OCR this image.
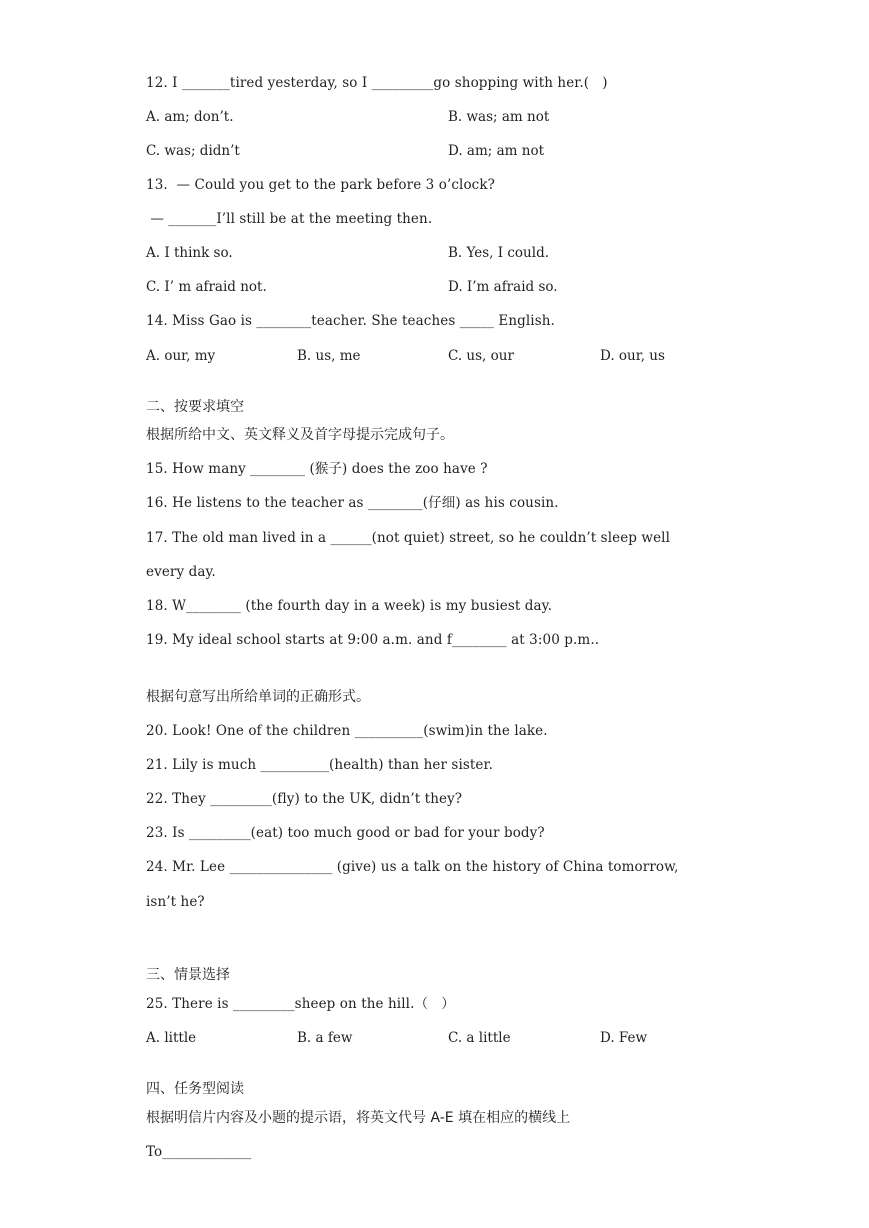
12. I _______tired yesterday, so I _________go shopping with her.(   )
A. am; don’t.	B. was; am not
C. was; didn’t	D. am; am not
13.  — Could you get to the park before 3 o’clock?
— _______I’ll still be at the meeting then.
A. I think so.	B. Yes, I could.
C. I’ m afraid not.	D. I’m afraid so.
14. Miss Gao is ________teacher. She teaches _____ English.
A. our, my	B. us, me	C. us, our	D. our, us
二、按要求填空
根据所给中文、英文释义及首字母提示完成句子。
15. How many ________ (猴子) does the zoo have ?
16. He listens to the teacher as ________(仔细) as his cousin.
17. The old man lived in a ______(not quiet) street, so he couldn’t sleep well
every day.
18. W________ (the fourth day in a week) is my busiest day.
19. My ideal school starts at 9:00 a.m. and f________ at 3:00 p.m..
根据句意写出所给单词的正确形式。
20. Look! One of the children __________(swim)in the lake.
21. Lily is much __________(health) than her sister.
22. They _________(fly) to the UK, didn’t they?
23. Is _________(eat) too much good or bad for your body?
24. Mr. Lee _______________ (give) us a talk on the history of China tomorrow,
isn’t he?
三、情景选择
25. There is _________sheep on the hill.（   ）
A. little	B. a few	C. a little	D. Few
四、任务型阅读
根据明信片内容及小题的提示语，将英文代号 A-E 填在相应的横线上
To_____________
